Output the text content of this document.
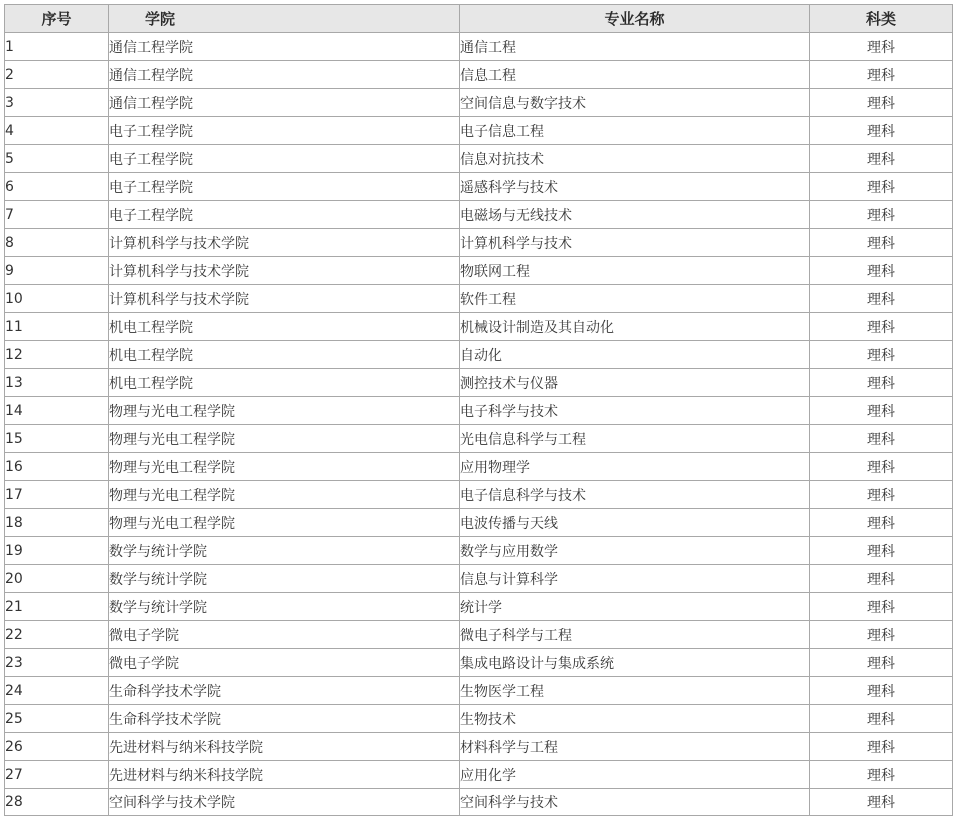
序号	学院	专业名称	科类
1	通信工程学院	通信工程	理科
2	通信工程学院	信息工程	理科
3	通信工程学院	空间信息与数字技术	理科
4	电子工程学院	电子信息工程	理科
5	电子工程学院	信息对抗技术	理科
6	电子工程学院	遥感科学与技术	理科
7	电子工程学院	电磁场与无线技术	理科
8	计算机科学与技术学院	计算机科学与技术	理科
9	计算机科学与技术学院	物联网工程	理科
10	计算机科学与技术学院	软件工程	理科
11	机电工程学院	机械设计制造及其自动化	理科
12	机电工程学院	自动化	理科
13	机电工程学院	测控技术与仪器	理科
14	物理与光电工程学院	电子科学与技术	理科
15	物理与光电工程学院	光电信息科学与工程	理科
16	物理与光电工程学院	应用物理学	理科
17	物理与光电工程学院	电子信息科学与技术	理科
18	物理与光电工程学院	电波传播与天线	理科
19	数学与统计学院	数学与应用数学	理科
20	数学与统计学院	信息与计算科学	理科
21	数学与统计学院	统计学	理科
22	微电子学院	微电子科学与工程	理科
23	微电子学院	集成电路设计与集成系统	理科
24	生命科学技术学院	生物医学工程	理科
25	生命科学技术学院	生物技术	理科
26	先进材料与纳米科技学院	材料科学与工程	理科
27	先进材料与纳米科技学院	应用化学	理科
28	空间科学与技术学院	空间科学与技术	理科
